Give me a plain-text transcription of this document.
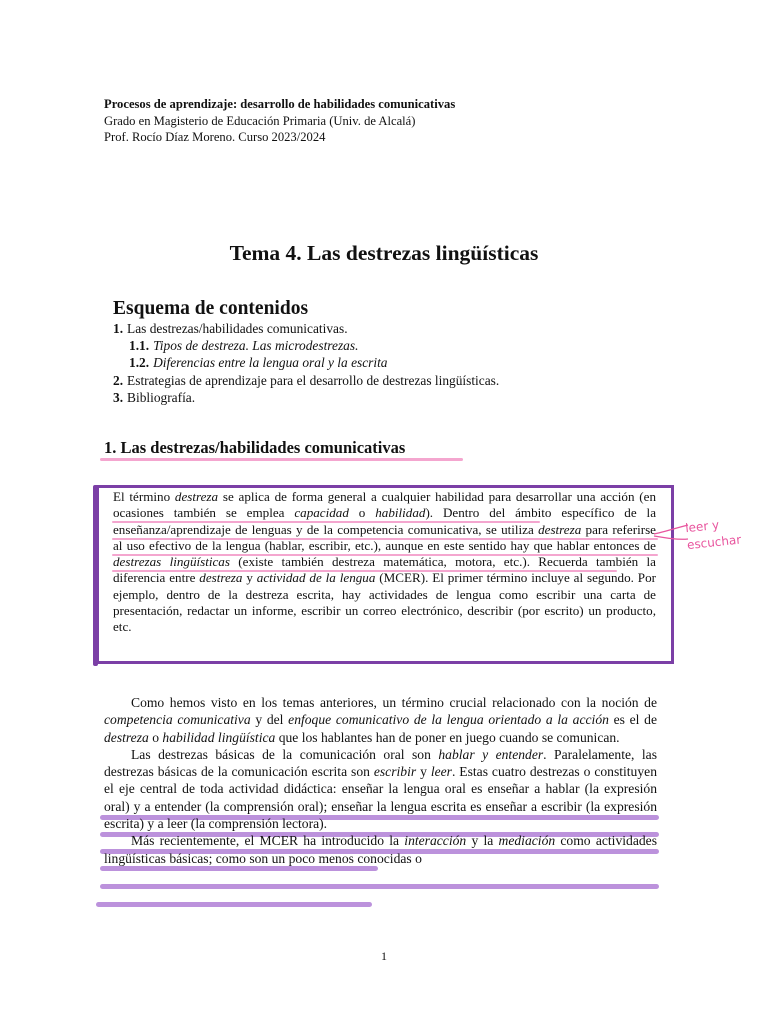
Procesos de aprendizaje: desarrollo de habilidades comunicativas
Grado en Magisterio de Educación Primaria (Univ. de Alcalá)
Prof. Rocío Díaz Moreno. Curso 2023/2024
Tema 4. Las destrezas lingüísticas
Esquema de contenidos
1. Las destrezas/habilidades comunicativas.
1.1. Tipos de destreza. Las microdestrezas.
1.2. Diferencias entre la lengua oral y la escrita
2. Estrategias de aprendizaje para el desarrollo de destrezas lingüísticas.
3. Bibliografía.
1. Las destrezas/habilidades comunicativas
El término destreza se aplica de forma general a cualquier habilidad para desarrollar una acción (en ocasiones también se emplea capacidad o habilidad). Dentro del ámbito específico de la enseñanza/aprendizaje de lenguas y de la competencia comunicativa, se utiliza destreza para referirse al uso efectivo de la lengua (hablar, escribir, etc.), aunque en este sentido hay que hablar entonces de destrezas lingüísticas (existe también destreza matemática, motora, etc.). Recuerda también la diferencia entre destreza y actividad de la lengua (MCER). El primer término incluye al segundo. Por ejemplo, dentro de la destreza escrita, hay actividades de lengua como escribir una carta de presentación, redactar un informe, escribir un correo electrónico, describir (por escrito) un producto, etc.
leer y
escuchar

Como hemos visto en los temas anteriores, un término crucial relacionado con la noción de competencia comunicativa y del enfoque comunicativo de la lengua orientado a la acción es el de destreza o habilidad lingüística que los hablantes han de poner en juego cuando se comunican.

Las destrezas básicas de la comunicación oral son hablar y entender. Paralelamente, las destrezas básicas de la comunicación escrita son escribir y leer. Estas cuatro destrezas o constituyen el eje central de toda actividad didáctica: enseñar la lengua oral es enseñar a hablar (la expresión oral) y a entender (la comprensión oral); enseñar la lengua escrita es enseñar a escribir (la expresión escrita) y a leer (la comprensión lectora).

Más recientemente, el MCER ha introducido la interacción y la mediación como actividades lingüísticas básicas; como son un poco menos conocidas o

1
